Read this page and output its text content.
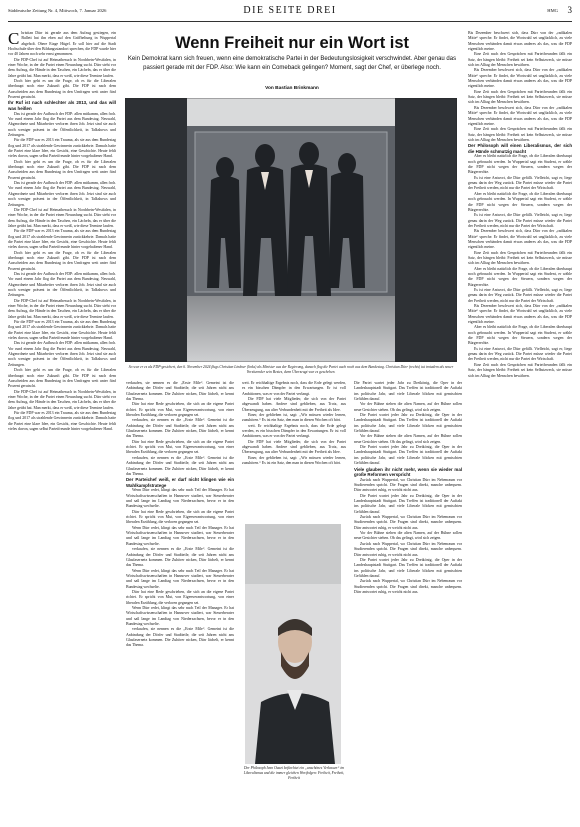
Süddeutsche Zeitung Nr. 4, Mittwoch, 7. Januar 2026	DIE SEITE DREI	HMG 3

Christian Dürr ist gerade aus dem Aufzug gestiegen, ein Ballett hat ihn eben auf den Griffbeltung in Wuppertal abgeholt. Obere Etage Hügel. Er soll hier auf die Stadt Hochschule über den Bildungsstandort sprechen, die FDP wurde hier vor 40 Jahren noch sehr ernst genommen.

Die FDP-Chef ist auf Heimatbesuch in Nordrhein-Westfalen, in einer Woche, in der die Partei einen Neuanfang sucht. Dürr steht vor dem Aufzug, die Hände in den Taschen, ein Lächeln, das er über die Jahre geübt hat. Man merkt, dass er weiß, wie diese Termine laufen.

Doch hier geht es um die Frage, ob es für die Liberalen überhaupt noch eine Zukunft gibt. Die FDP ist nach dem Ausscheiden aus dem Bundestag in den Umfragen weit unter fünf Prozent gerutscht.

Ihr Ruf ist nach schlechter als 2013, und das will was heißen

Das ist gerade der Aufbruch der FDP: allen mitkamm, allen froh. Vor rund einem Jahr flog die Partei aus dem Bundestag. Neuwahl, Abgeordnete und Mitarbeiter verloren ihren Job. Jetzt sind sie auch noch weniger präsent in der Öffentlichkeit, in Talkshows und Zeitungen.

Für die FDP war es 2013 ein Trauma, als sie aus dem Bundestag flog und 2017 als strahlende Gewinnerin zurückkehrte. Damals hatte die Partei eine klare Idee, ein Gesicht, eine Geschichte. Heute fehlt vieles davon, sagen selbst Parteifreunde hinter vorgehaltener Hand.

Doch hier geht es um die Frage, ob es für die Liberalen überhaupt noch eine Zukunft gibt. Die FDP ist nach dem Ausscheiden aus dem Bundestag in den Umfragen weit unter fünf Prozent gerutscht.

Das ist gerade der Aufbruch der FDP: allen mitkamm, allen froh. Vor rund einem Jahr flog die Partei aus dem Bundestag. Neuwahl, Abgeordnete und Mitarbeiter verloren ihren Job. Jetzt sind sie auch noch weniger präsent in der Öffentlichkeit, in Talkshows und Zeitungen.

Die FDP-Chef ist auf Heimatbesuch in Nordrhein-Westfalen, in einer Woche, in der die Partei einen Neuanfang sucht. Dürr steht vor dem Aufzug, die Hände in den Taschen, ein Lächeln, das er über die Jahre geübt hat. Man merkt, dass er weiß, wie diese Termine laufen.

Für die FDP war es 2013 ein Trauma, als sie aus dem Bundestag flog und 2017 als strahlende Gewinnerin zurückkehrte. Damals hatte die Partei eine klare Idee, ein Gesicht, eine Geschichte. Heute fehlt vieles davon, sagen selbst Parteifreunde hinter vorgehaltener Hand.

Doch hier geht es um die Frage, ob es für die Liberalen überhaupt noch eine Zukunft gibt. Die FDP ist nach dem Ausscheiden aus dem Bundestag in den Umfragen weit unter fünf Prozent gerutscht.

Das ist gerade der Aufbruch der FDP: allen mitkamm, allen froh. Vor rund einem Jahr flog die Partei aus dem Bundestag. Neuwahl, Abgeordnete und Mitarbeiter verloren ihren Job. Jetzt sind sie auch noch weniger präsent in der Öffentlichkeit, in Talkshows und Zeitungen.

Die FDP-Chef ist auf Heimatbesuch in Nordrhein-Westfalen, in einer Woche, in der die Partei einen Neuanfang sucht. Dürr steht vor dem Aufzug, die Hände in den Taschen, ein Lächeln, das er über die Jahre geübt hat. Man merkt, dass er weiß, wie diese Termine laufen.

Für die FDP war es 2013 ein Trauma, als sie aus dem Bundestag flog und 2017 als strahlende Gewinnerin zurückkehrte. Damals hatte die Partei eine klare Idee, ein Gesicht, eine Geschichte. Heute fehlt vieles davon, sagen selbst Parteifreunde hinter vorgehaltener Hand.

Das ist gerade der Aufbruch der FDP: allen mitkamm, allen froh. Vor rund einem Jahr flog die Partei aus dem Bundestag. Neuwahl, Abgeordnete und Mitarbeiter verloren ihren Job. Jetzt sind sie auch noch weniger präsent in der Öffentlichkeit, in Talkshows und Zeitungen.

Doch hier geht es um die Frage, ob es für die Liberalen überhaupt noch eine Zukunft gibt. Die FDP ist nach dem Ausscheiden aus dem Bundestag in den Umfragen weit unter fünf Prozent gerutscht.

Die FDP-Chef ist auf Heimatbesuch in Nordrhein-Westfalen, in einer Woche, in der die Partei einen Neuanfang sucht. Dürr steht vor dem Aufzug, die Hände in den Taschen, ein Lächeln, das er über die Jahre geübt hat. Man merkt, dass er weiß, wie diese Termine laufen.

Für die FDP war es 2013 ein Trauma, als sie aus dem Bundestag flog und 2017 als strahlende Gewinnerin zurückkehrte. Damals hatte die Partei eine klare Idee, ein Gesicht, eine Geschichte. Heute fehlt vieles davon, sagen selbst Parteifreunde hinter vorgehaltener Hand.

Wenn Freiheit nur ein Wort ist
Kein Demokrat kann sich freuen, wenn eine demokratische Partei in der Bedeutungslosigkeit verschwindet. Aber genau das passiert gerade mit der FDP. Also: Wie kann ein Comeback gelingen? Moment, sagt der Chef, er überlege noch.
Von Bastian Brinkmann
So war er es als FDP-gesichert, den 6. November 2024 flugs Christian Lindner (links) als Minister aus der Regierung, danach flog die Partei auch noch aus dem Bundestag. Christian Dürr (rechts) tut trotzdem als neuer Vorsitzender sein Bestes, denn Überzeugt war es geschehen.

verkaufen, sie nennen es die „Erste Mile“. Gemeint ist die Anbindung der Dörfer und Stadtteile, die seit Jahren nicht ans Glasfasernetz kommen. Die Zuhörer nicken, Dürr lächelt, er kennt das Thema.

Dürr hat eine Rede geschrieben, die sich an die eigene Partei richtet. Er spricht von Mut, von Eigenverantwortung, von einer liberalen Erzählung, die verloren gegangen sei.

verkaufen, sie nennen es die „Erste Mile“. Gemeint ist die Anbindung der Dörfer und Stadtteile, die seit Jahren nicht ans Glasfasernetz kommen. Die Zuhörer nicken, Dürr lächelt, er kennt das Thema.

Dürr hat eine Rede geschrieben, die sich an die eigene Partei richtet. Er spricht von Mut, von Eigenverantwortung, von einer liberalen Erzählung, die verloren gegangen sei.

verkaufen, sie nennen es die „Erste Mile“. Gemeint ist die Anbindung der Dörfer und Stadtteile, die seit Jahren nicht ans Glasfasernetz kommen. Die Zuhörer nicken, Dürr lächelt, er kennt das Thema.

Der Parteichef weiß, er darf nicht klingen wie ein Wahlkampfstratege

Wenn Dürr redet, klingt das sehr nach Teil der Manager. Er hat Wirtschaftswissenschaften in Hannover studiert, war Steuerberater und saß lange im Landtag von Niedersachsen, bevor er in den Bundestag wechselte.

Dürr hat eine Rede geschrieben, die sich an die eigene Partei richtet. Er spricht von Mut, von Eigenverantwortung, von einer liberalen Erzählung, die verloren gegangen sei.

Wenn Dürr redet, klingt das sehr nach Teil der Manager. Er hat Wirtschaftswissenschaften in Hannover studiert, war Steuerberater und saß lange im Landtag von Niedersachsen, bevor er in den Bundestag wechselte.

verkaufen, sie nennen es die „Erste Mile“. Gemeint ist die Anbindung der Dörfer und Stadtteile, die seit Jahren nicht ans Glasfasernetz kommen. Die Zuhörer nicken, Dürr lächelt, er kennt das Thema.

Wenn Dürr redet, klingt das sehr nach Teil der Manager. Er hat Wirtschaftswissenschaften in Hannover studiert, war Steuerberater und saß lange im Landtag von Niedersachsen, bevor er in den Bundestag wechselte.

Dürr hat eine Rede geschrieben, die sich an die eigene Partei richtet. Er spricht von Mut, von Eigenverantwortung, von einer liberalen Erzählung, die verloren gegangen sei.

Wenn Dürr redet, klingt das sehr nach Teil der Manager. Er hat Wirtschaftswissenschaften in Hannover studiert, war Steuerberater und saß lange im Landtag von Niedersachsen, bevor er in den Bundestag wechselte.

verkaufen, sie nennen es die „Erste Mile“. Gemeint ist die Anbindung der Dörfer und Stadtteile, die seit Jahren nicht ans Glasfasernetz kommen. Die Zuhörer nicken, Dürr lächelt, er kennt das Thema.

weit. Er reichhaltige Ergebnis noch, dass die Erde gelegt werden, es ein bisschen Dämpfer in den Erwartungen. Er ist voll Ambitionen, was er von der Partei verlangt.

Die FDP hat viele Mitglieder, die sich von der Partei abgewandt haben. Andere sind geblieben, aus Trotz, aus Überzeugung, aus alter Verbundenheit mit der Freiheit als Idee.

Einer, der geblieben ist, sagt: „Wir müssen wieder lernen, zuzuhören.“ Es ist ein Satz, den man in diesen Wochen oft hört.

weit. Er reichhaltige Ergebnis noch, dass die Erde gelegt werden, es ein bisschen Dämpfer in den Erwartungen. Er ist voll Ambitionen, was er von der Partei verlangt.

Die FDP hat viele Mitglieder, die sich von der Partei abgewandt haben. Andere sind geblieben, aus Trotz, aus Überzeugung, aus alter Verbundenheit mit der Freiheit als Idee.

Einer, der geblieben ist, sagt: „Wir müssen wieder lernen, zuzuhören.“ Es ist ein Satz, den man in diesen Wochen oft hört.

Der Philosoph Ivan Ouazi befürchtet ein „unschönes Verlassen“ im Liberalismus und die immer gleichen Wortfolgen: Freiheit, Freiheit, Freiheit

Die Partei wartet jeder Jahr zu Dreikönig, die Oper in der Landeshauptstadt Stuttgart. Das Treffen ist traditionell der Auftakt ins politische Jahr, und viele Liberale blicken mit gemischten Gefühlen darauf.

Vor der Bühne stehen die alten Namen, auf der Bühne sollen neue Gesichter stehen. Ob das gelingt, wird sich zeigen.

Die Partei wartet jeder Jahr zu Dreikönig, die Oper in der Landeshauptstadt Stuttgart. Das Treffen ist traditionell der Auftakt ins politische Jahr, und viele Liberale blicken mit gemischten Gefühlen darauf.

Vor der Bühne stehen die alten Namen, auf der Bühne sollen neue Gesichter stehen. Ob das gelingt, wird sich zeigen.

Die Partei wartet jeder Jahr zu Dreikönig, die Oper in der Landeshauptstadt Stuttgart. Das Treffen ist traditionell der Auftakt ins politische Jahr, und viele Liberale blicken mit gemischten Gefühlen darauf.

Viele glauben ihr nicht mehr, wenn sie wieder mal große Reformen verspricht

Zurück nach Wuppertal, wo Christian Dürr im Nebenraum vor Studierenden spricht. Die Fragen sind direkt, manche unbequem. Dürr antwortet ruhig, er weicht nicht aus.

Die Partei wartet jeder Jahr zu Dreikönig, die Oper in der Landeshauptstadt Stuttgart. Das Treffen ist traditionell der Auftakt ins politische Jahr, und viele Liberale blicken mit gemischten Gefühlen darauf.

Zurück nach Wuppertal, wo Christian Dürr im Nebenraum vor Studierenden spricht. Die Fragen sind direkt, manche unbequem. Dürr antwortet ruhig, er weicht nicht aus.

Vor der Bühne stehen die alten Namen, auf der Bühne sollen neue Gesichter stehen. Ob das gelingt, wird sich zeigen.

Zurück nach Wuppertal, wo Christian Dürr im Nebenraum vor Studierenden spricht. Die Fragen sind direkt, manche unbequem. Dürr antwortet ruhig, er weicht nicht aus.

Die Partei wartet jeder Jahr zu Dreikönig, die Oper in der Landeshauptstadt Stuttgart. Das Treffen ist traditionell der Auftakt ins politische Jahr, und viele Liberale blicken mit gemischten Gefühlen darauf.

Zurück nach Wuppertal, wo Christian Dürr im Nebenraum vor Studierenden spricht. Die Fragen sind direkt, manche unbequem. Dürr antwortet ruhig, er weicht nicht aus.

Bis Dezember beschwert sich, dass Dürr von der „radikalen Mitte“ spreche. Er findet, die Wortwahl sei unglücklich, zu viele Menschen verbänden damit etwas anderes als das, was die FDP eigentlich meine.

Eine Zeit nach den Gesprächen mit Parteifreunden fällt ein Satz, der hängen bleibt: Freiheit sei kein Selbstzweck, sie müsse sich im Alltag der Menschen bewähren.

Bis Dezember beschwert sich, dass Dürr von der „radikalen Mitte“ spreche. Er findet, die Wortwahl sei unglücklich, zu viele Menschen verbänden damit etwas anderes als das, was die FDP eigentlich meine.

Eine Zeit nach den Gesprächen mit Parteifreunden fällt ein Satz, der hängen bleibt: Freiheit sei kein Selbstzweck, sie müsse sich im Alltag der Menschen bewähren.

Bis Dezember beschwert sich, dass Dürr von der „radikalen Mitte“ spreche. Er findet, die Wortwahl sei unglücklich, zu viele Menschen verbänden damit etwas anderes als das, was die FDP eigentlich meine.

Eine Zeit nach den Gesprächen mit Parteifreunden fällt ein Satz, der hängen bleibt: Freiheit sei kein Selbstzweck, sie müsse sich im Alltag der Menschen bewähren.

Der Philosoph will einen Liberalismus, der sich die Hände schmutzig macht

Aber es bleibt natürlich die Frage, ob die Liberalen überhaupt noch gebraucht werden. In Wuppertal sagt ein Student, er wähle die FDP nicht wegen der Steuern, sondern wegen der Bürgerrechte.

Es ist eine Antwort, die Dürr gefällt. Vielleicht, sagt er, liege genau darin der Weg zurück. Die Partei müsse wieder die Partei der Freiheit werden, nicht nur die Partei der Wirtschaft.

Aber es bleibt natürlich die Frage, ob die Liberalen überhaupt noch gebraucht werden. In Wuppertal sagt ein Student, er wähle die FDP nicht wegen der Steuern, sondern wegen der Bürgerrechte.

Es ist eine Antwort, die Dürr gefällt. Vielleicht, sagt er, liege genau darin der Weg zurück. Die Partei müsse wieder die Partei der Freiheit werden, nicht nur die Partei der Wirtschaft.

Bis Dezember beschwert sich, dass Dürr von der „radikalen Mitte“ spreche. Er findet, die Wortwahl sei unglücklich, zu viele Menschen verbänden damit etwas anderes als das, was die FDP eigentlich meine.

Eine Zeit nach den Gesprächen mit Parteifreunden fällt ein Satz, der hängen bleibt: Freiheit sei kein Selbstzweck, sie müsse sich im Alltag der Menschen bewähren.

Aber es bleibt natürlich die Frage, ob die Liberalen überhaupt noch gebraucht werden. In Wuppertal sagt ein Student, er wähle die FDP nicht wegen der Steuern, sondern wegen der Bürgerrechte.

Es ist eine Antwort, die Dürr gefällt. Vielleicht, sagt er, liege genau darin der Weg zurück. Die Partei müsse wieder die Partei der Freiheit werden, nicht nur die Partei der Wirtschaft.

Bis Dezember beschwert sich, dass Dürr von der „radikalen Mitte“ spreche. Er findet, die Wortwahl sei unglücklich, zu viele Menschen verbänden damit etwas anderes als das, was die FDP eigentlich meine.

Aber es bleibt natürlich die Frage, ob die Liberalen überhaupt noch gebraucht werden. In Wuppertal sagt ein Student, er wähle die FDP nicht wegen der Steuern, sondern wegen der Bürgerrechte.

Es ist eine Antwort, die Dürr gefällt. Vielleicht, sagt er, liege genau darin der Weg zurück. Die Partei müsse wieder die Partei der Freiheit werden, nicht nur die Partei der Wirtschaft.

Eine Zeit nach den Gesprächen mit Parteifreunden fällt ein Satz, der hängen bleibt: Freiheit sei kein Selbstzweck, sie müsse sich im Alltag der Menschen bewähren.
